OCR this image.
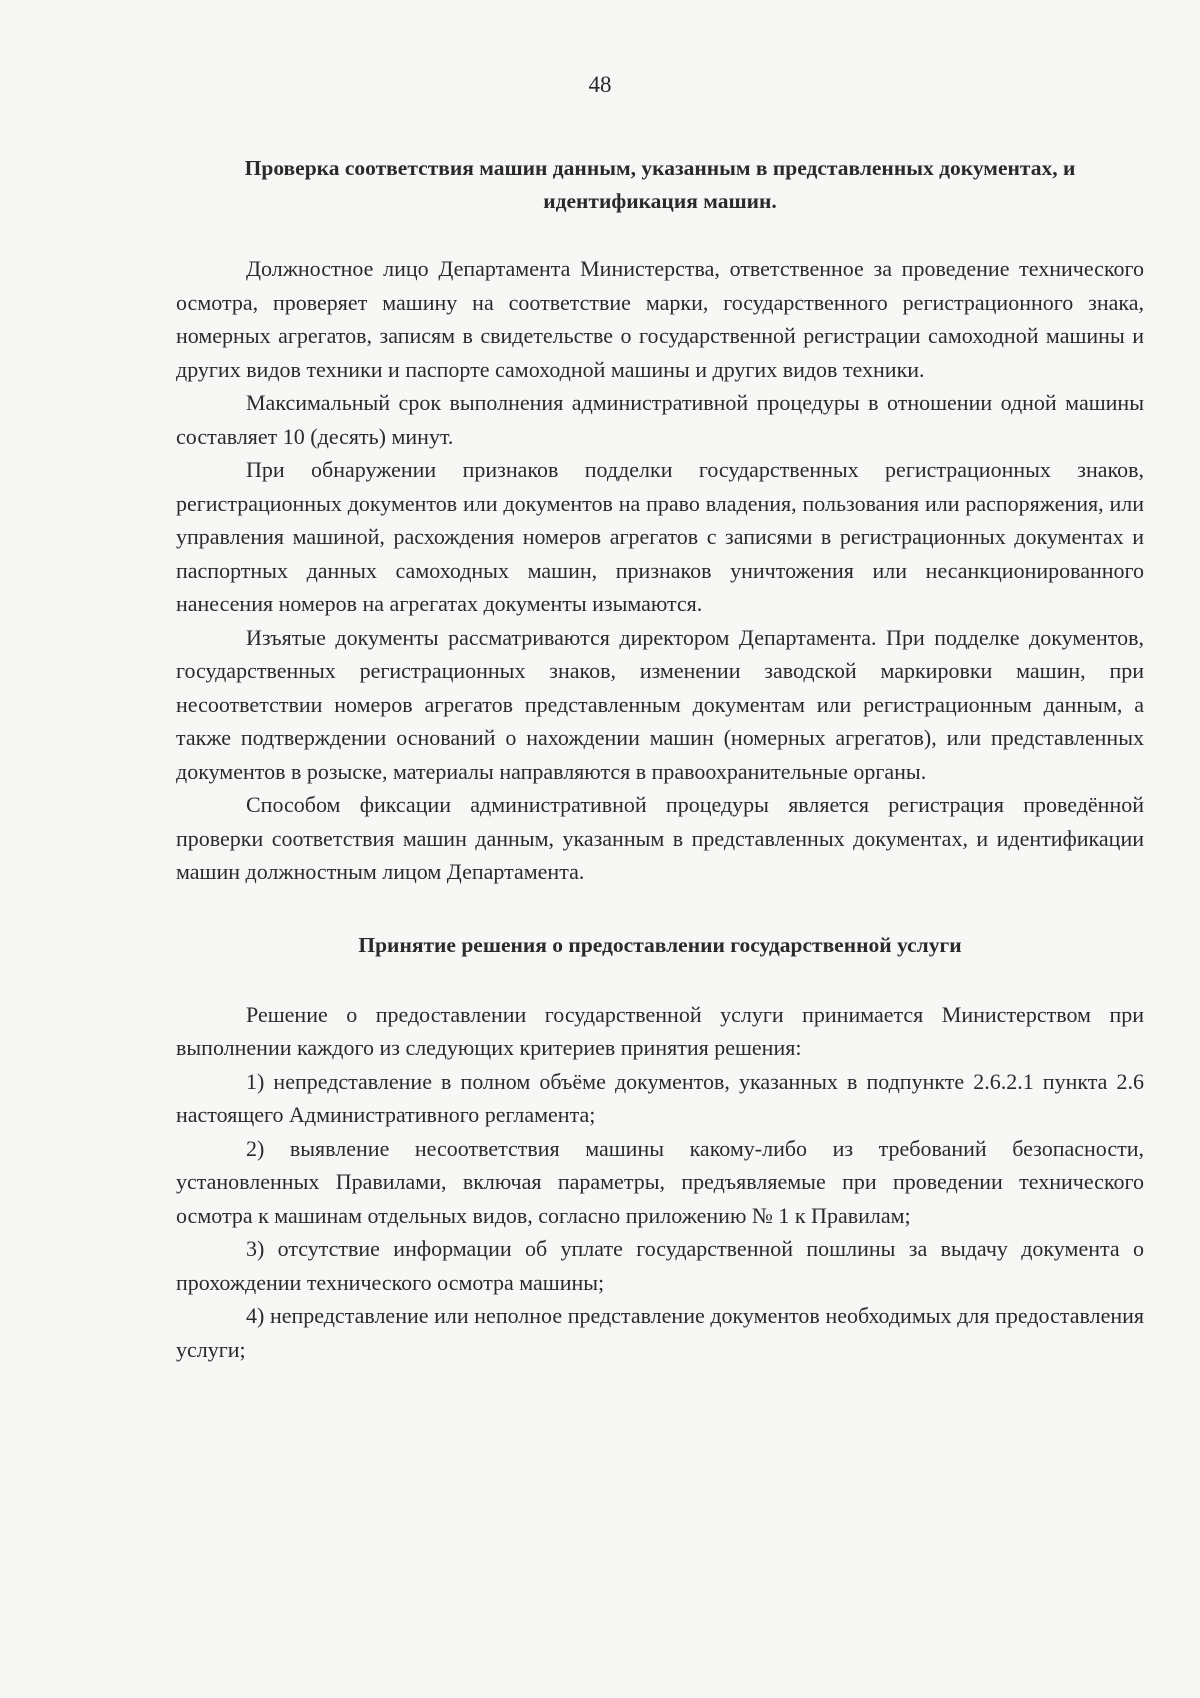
48

Проверка соответствия машин данным, указанным в представленных документах, и идентификация машин.

Должностное лицо Департамента Министерства, ответственное за проведение технического осмотра, проверяет машину на соответствие марки, государственного регистрационного знака, номерных агрегатов, записям в свидетельстве о государственной регистрации самоходной машины и других видов техники и паспорте самоходной машины и других видов техники.

Максимальный срок выполнения административной процедуры в отношении одной машины составляет 10 (десять) минут.

При обнаружении признаков подделки государственных регистрационных знаков, регистрационных документов или документов на право владения, пользования или распоряжения, или управления машиной, расхождения номеров агрегатов с записями в регистрационных документах и паспортных данных самоходных машин, признаков уничтожения или несанкционированного нанесения номеров на агрегатах документы изымаются.

Изъятые документы рассматриваются директором Департамента. При подделке документов, государственных регистрационных знаков, изменении заводской маркировки машин, при несоответствии номеров агрегатов представленным документам или регистрационным данным, а также подтверждении оснований о нахождении машин (номерных агрегатов), или представленных документов в розыске, материалы направляются в правоохранительные органы.

Способом фиксации административной процедуры является регистрация проведённой проверки соответствия машин данным, указанным в представленных документах, и идентификации машин должностным лицом Департамента.

Принятие решения о предоставлении государственной услуги

Решение о предоставлении государственной услуги принимается Министерством при выполнении каждого из следующих критериев принятия решения:

1) непредставление в полном объёме документов, указанных в подпункте 2.6.2.1 пункта 2.6 настоящего Административного регламента;

2) выявление несоответствия машины какому-либо из требований безопасности, установленных Правилами, включая параметры, предъявляемые при проведении технического осмотра к машинам отдельных видов, согласно приложению № 1 к Правилам;

3) отсутствие информации об уплате государственной пошлины за выдачу документа о прохождении технического осмотра машины;

4) непредставление или неполное представление документов необходимых для предоставления услуги;
